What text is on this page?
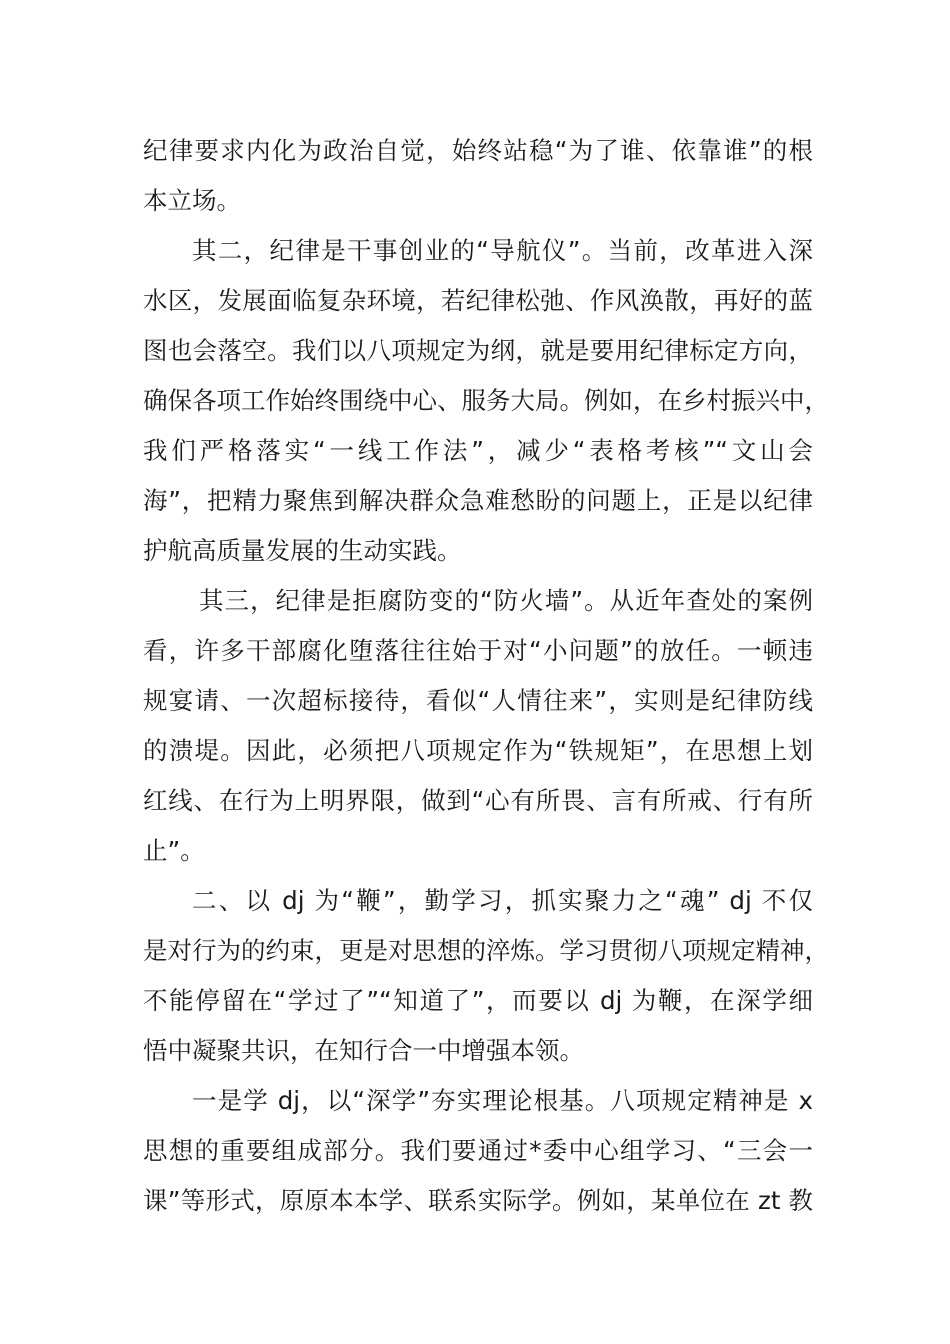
纪律要求内化为政治自觉，始终站稳“为了谁、依靠谁”的根
本立场。
其二，纪律是干事创业的“导航仪”。当前，改革进入深
水区，发展面临复杂环境，若纪律松弛、作风涣散，再好的蓝
图也会落空。我们以八项规定为纲，就是要用纪律标定方向，
确保各项工作始终围绕中心、服务大局。例如，在乡村振兴中，
我们严格落实“一线工作法”，减少“表格考核”“文山会
海”，把精力聚焦到解决群众急难愁盼的问题上，正是以纪律
护航高质量发展的生动实践。
其三，纪律是拒腐防变的“防火墙”。从近年查处的案例
看，许多干部腐化堕落往往始于对“小问题”的放任。一顿违
规宴请、一次超标接待，看似“人情往来”，实则是纪律防线
的溃堤。因此，必须把八项规定作为“铁规矩”，在思想上划
红线、在行为上明界限，做到“心有所畏、言有所戒、行有所
止”。
二、以 dj 为“鞭”，勤学习，抓实聚力之“魂” dj 不仅
是对行为的约束，更是对思想的淬炼。学习贯彻八项规定精神，
不能停留在“学过了”“知道了”，而要以 dj 为鞭，在深学细
悟中凝聚共识，在知行合一中增强本领。
一是学 dj，以“深学”夯实理论根基。八项规定精神是 x
思想的重要组成部分。我们要通过*委中心组学习、“三会一
课”等形式，原原本本学、联系实际学。例如，某单位在 zt 教
